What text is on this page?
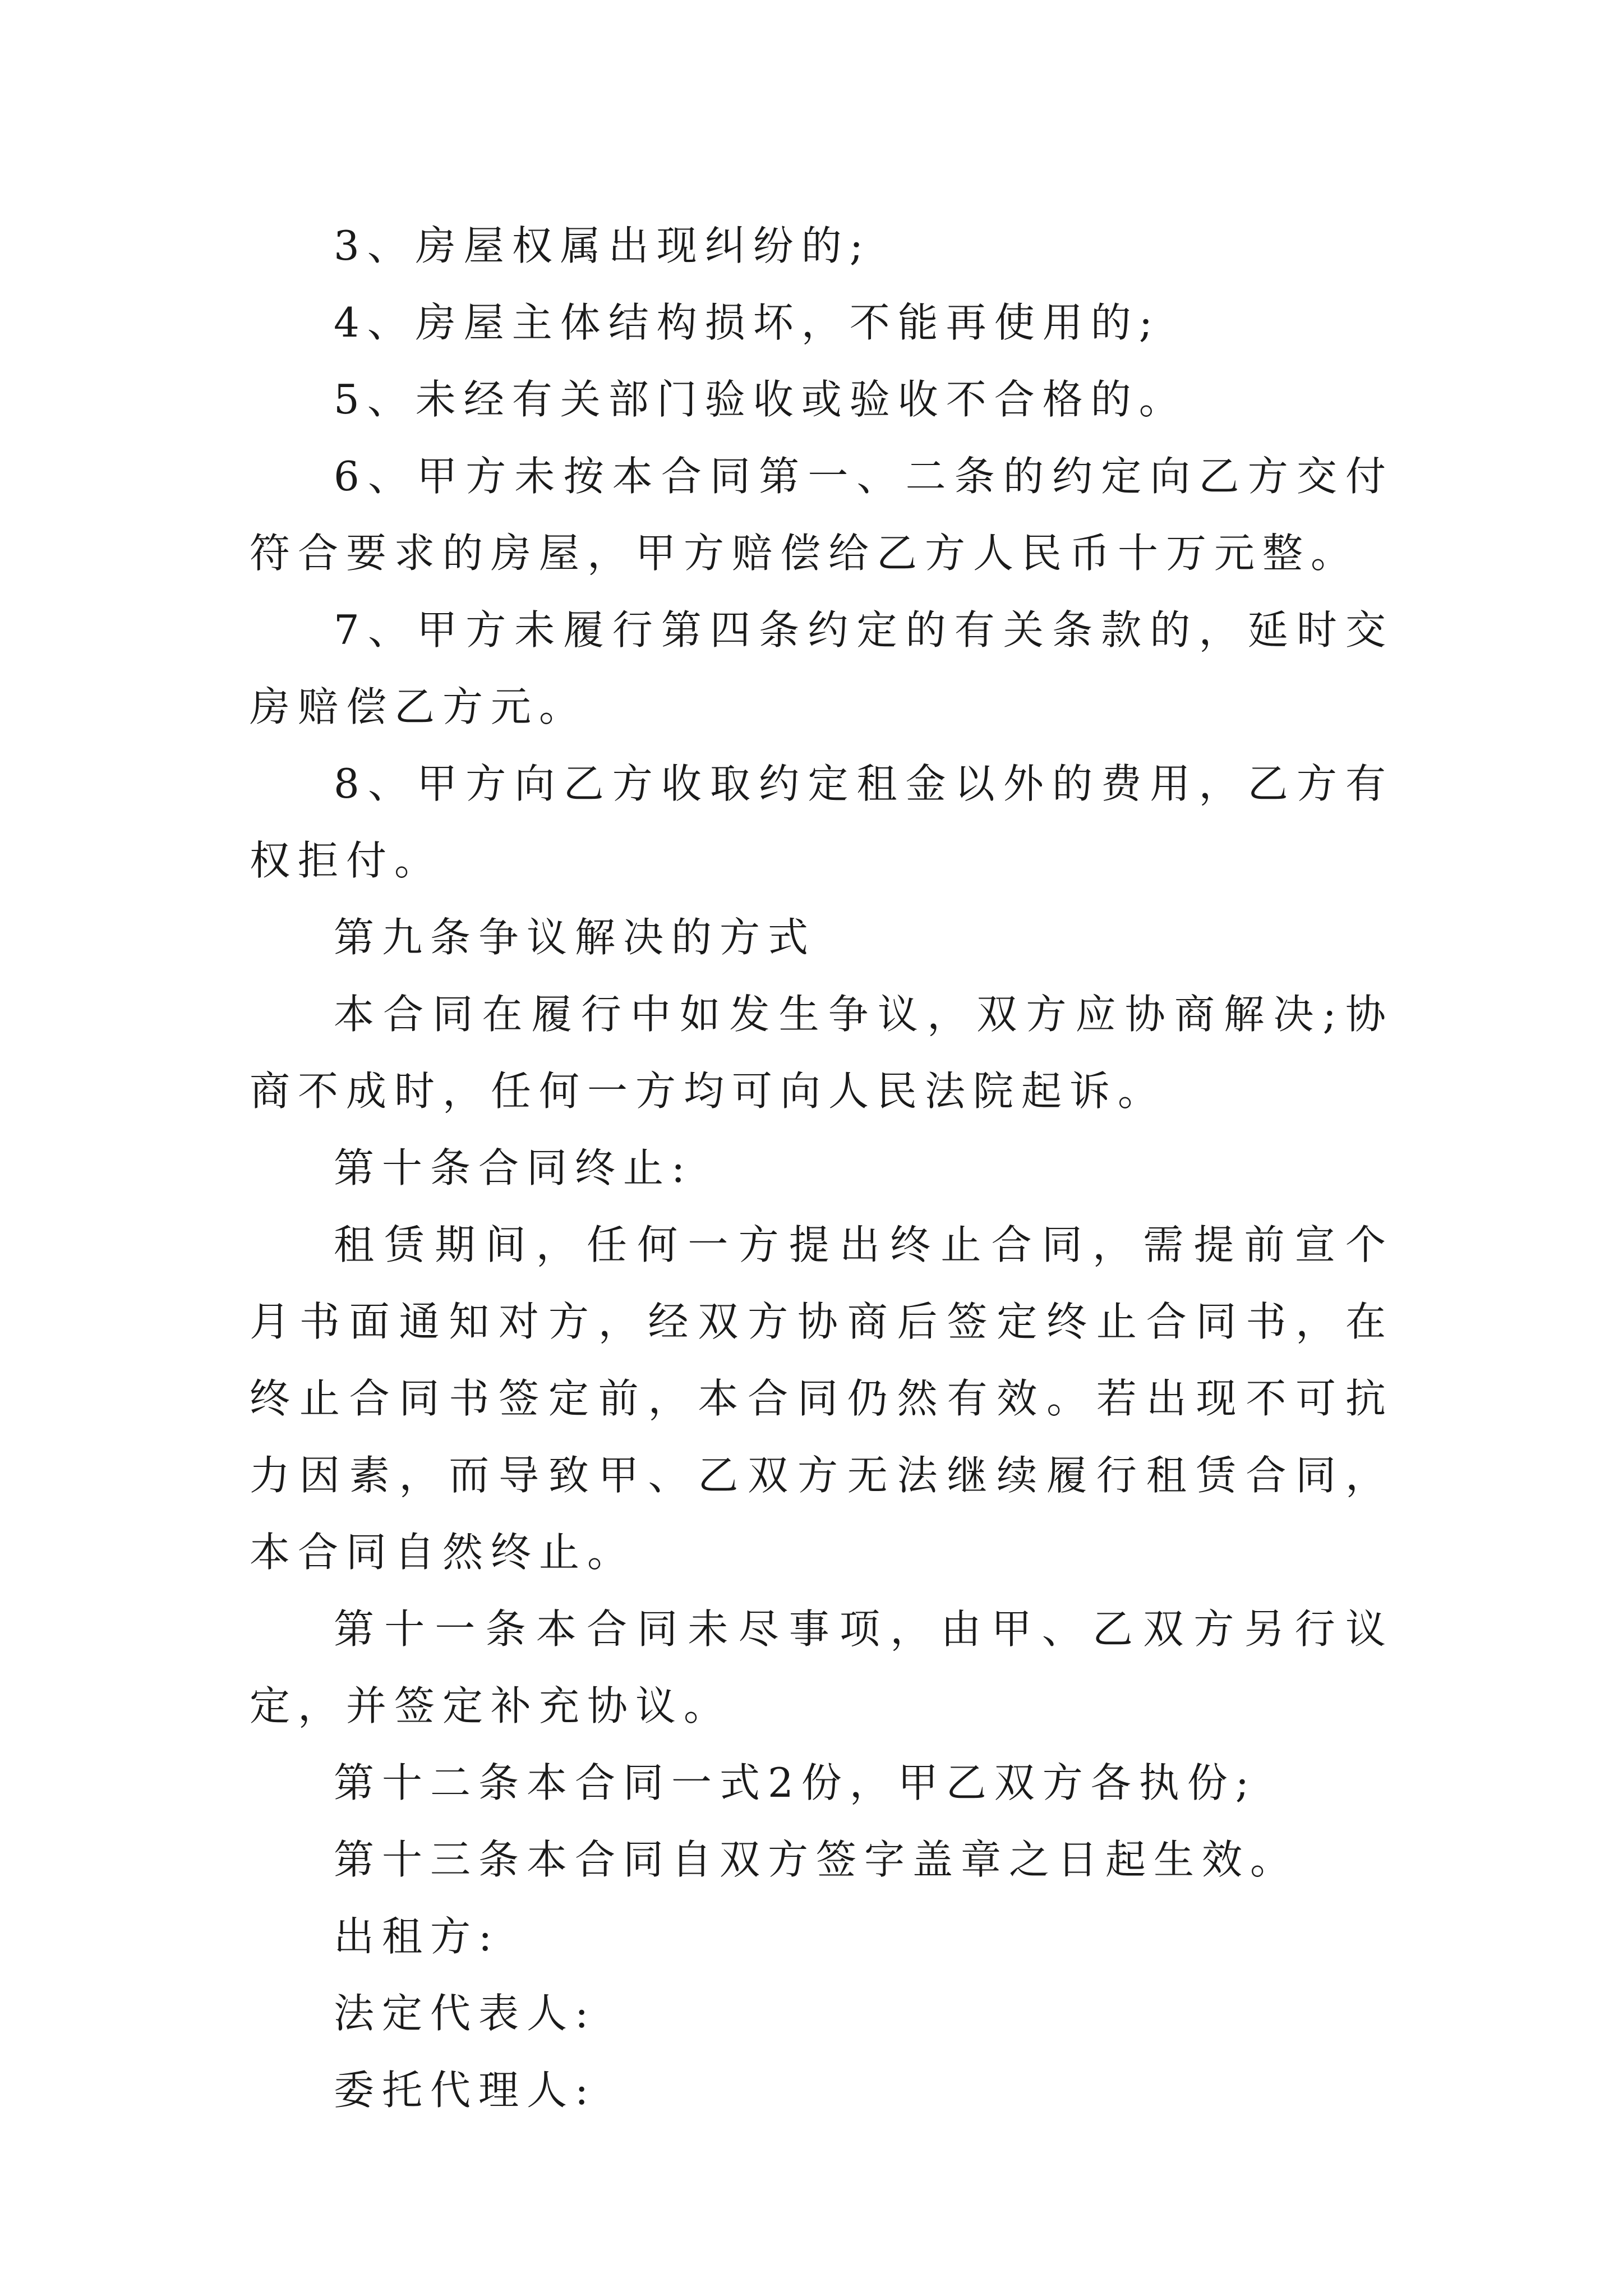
3、房屋权属出现纠纷的;

4、房屋主体结构损坏，不能再使用的;

5、未经有关部门验收或验收不合格的。

6、甲方未按本合同第一、二条的约定向乙方交付符合要求的房屋，甲方赔偿给乙方人民币十万元整。

7、甲方未履行第四条约定的有关条款的，延时交房赔偿乙方元。

8、甲方向乙方收取约定租金以外的费用，乙方有权拒付。

第九条争议解决的方式

本合同在履行中如发生争议，双方应协商解决;协商不成时，任何一方均可向人民法院起诉。

第十条合同终止:

租赁期间，任何一方提出终止合同，需提前宣个月书面通知对方，经双方协商后签定终止合同书，在终止合同书签定前，本合同仍然有效。若出现不可抗力因素，而导致甲、乙双方无法继续履行租赁合同，本合同自然终止。

第十一条本合同未尽事项，由甲、乙双方另行议定，并签定补充协议。

第十二条本合同一式2份，甲乙双方各执份;

第十三条本合同自双方签字盖章之日起生效。

出租方:

法定代表人:

委托代理人:
